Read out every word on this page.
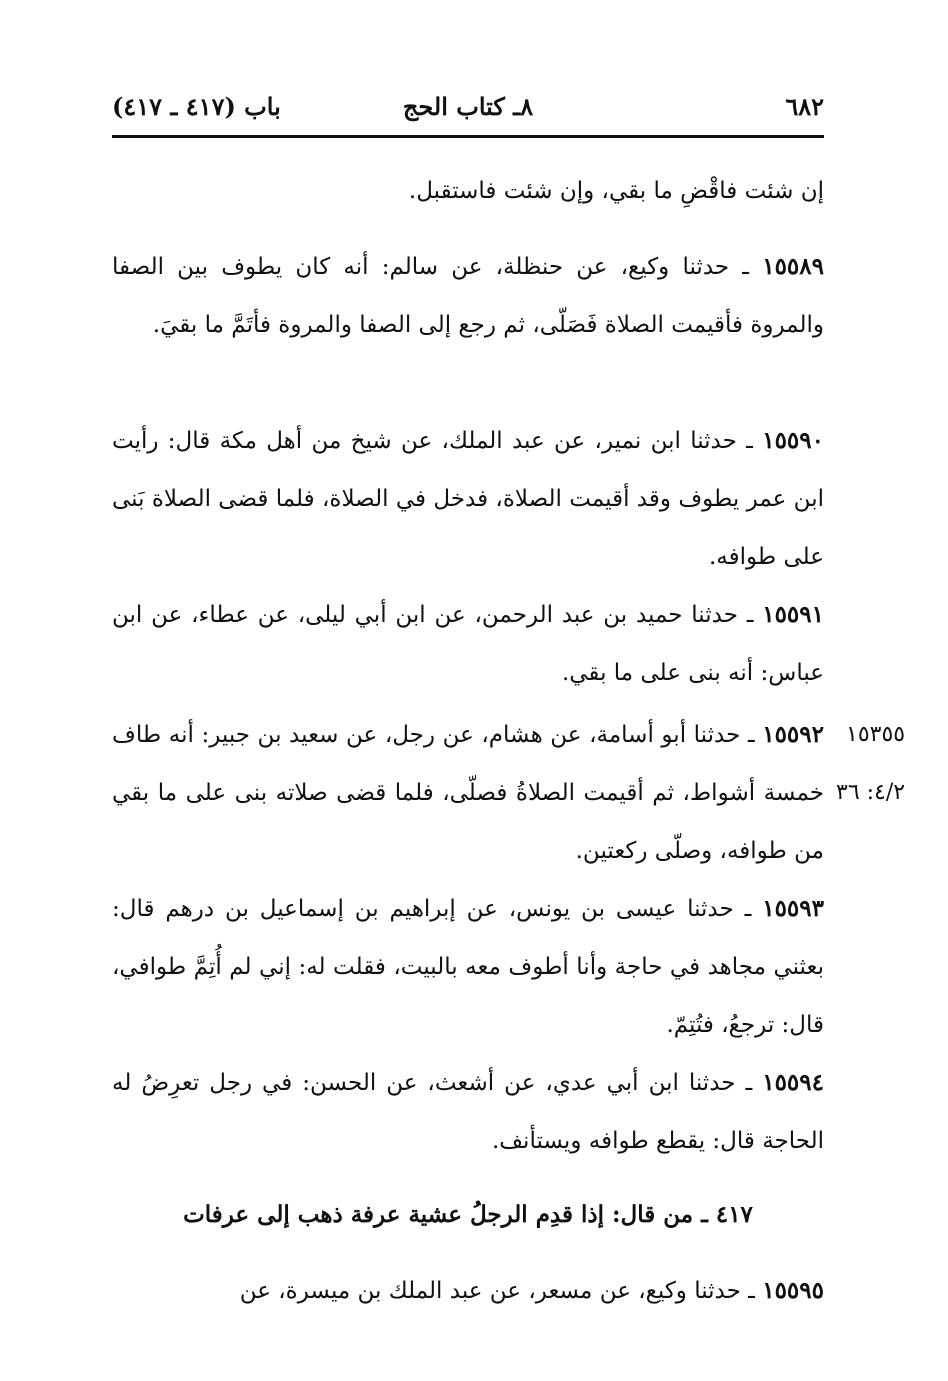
٦٨٢
٨ـ كتاب الحج
باب (٤١٧ ـ ٤١٧)
إن شئت فاقْضِ ما بقي، وإن شئت فاستقبل.
١٥٥٨٩ ـ حدثنا وكيع، عن حنظلة، عن سالم: أنه كان يطوف بين الصفا والمروة فأقيمت الصلاة فَصَلّى، ثم رجع إلى الصفا والمروة فأتَمَّ ما بقيَ.
١٥٥٩٠ ـ حدثنا ابن نمير، عن عبد الملك، عن شيخ من أهل مكة قال: رأيت ابن عمر يطوف وقد أقيمت الصلاة، فدخل في الصلاة، فلما قضى الصلاة بَنى على طوافه.
١٥٥٩١ ـ حدثنا حميد بن عبد الرحمن، عن ابن أبي ليلى، عن عطاء، عن ابن عباس: أنه بنى على ما بقي.
١٥٥٩٢ ـ حدثنا أبو أسامة، عن هشام، عن رجل، عن سعيد بن جبير: أنه طاف خمسة أشواط، ثم أقيمت الصلاةُ فصلّى، فلما قضى صلاته بنى على ما بقي من طوافه، وصلّى ركعتين.
١٥٣٥٥
٤/٢: ٣٦
١٥٥٩٣ ـ حدثنا عيسى بن يونس، عن إبراهيم بن إسماعيل بن درهم قال: بعثني مجاهد في حاجة وأنا أطوف معه بالبيت، فقلت له: إني لم أُتِمَّ طوافي، قال: ترجعُ، فتُتِمّ.
١٥٥٩٤ ـ حدثنا ابن أبي عدي، عن أشعث، عن الحسن: في رجل تعرِضُ له الحاجة قال: يقطع طوافه ويستأنف.
٤١٧ ـ من قال: إذا قدِم الرجلُ عشية عرفة ذهب إلى عرفات
١٥٥٩٥ ـ حدثنا وكيع، عن مسعر، عن عبد الملك بن ميسرة، عن
